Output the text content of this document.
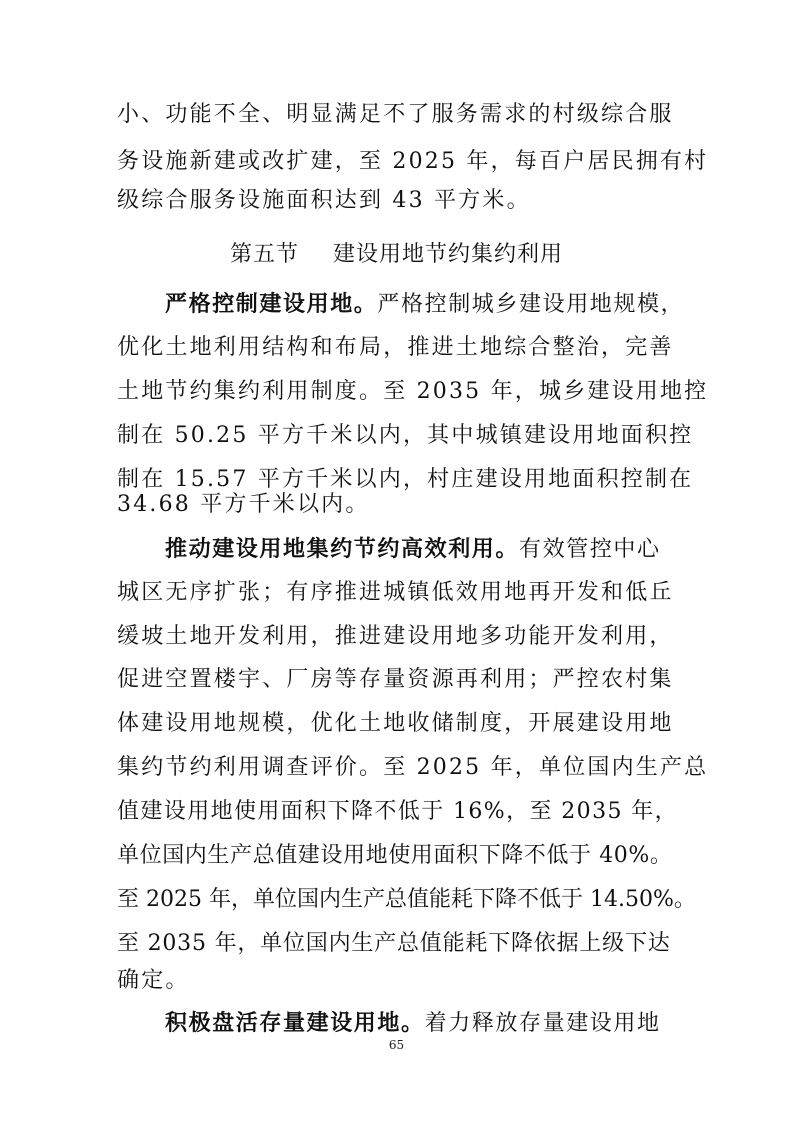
小、功能不全、明显满足不了服务需求的村级综合服
务设施新建或改扩建，至 2025 年，每百户居民拥有村
级综合服务设施面积达到 43 平方米。
第五节 建设用地节约集约利用
严格控制建设用地。严格控制城乡建设用地规模，
优化土地利用结构和布局，推进土地综合整治，完善
土地节约集约利用制度。至 2035 年，城乡建设用地控
制在 50.25 平方千米以内，其中城镇建设用地面积控
制在 15.57 平方千米以内，村庄建设用地面积控制在
34.68 平方千米以内。
推动建设用地集约节约高效利用。有效管控中心
城区无序扩张；有序推进城镇低效用地再开发和低丘
缓坡土地开发利用，推进建设用地多功能开发利用，
促进空置楼宇、厂房等存量资源再利用；严控农村集
体建设用地规模，优化土地收储制度，开展建设用地
集约节约利用调查评价。至 2025 年，单位国内生产总
值建设用地使用面积下降不低于 16%，至 2035 年，
单位国内生产总值建设用地使用面积下降不低于 40%。
至 2025 年，单位国内生产总值能耗下降不低于 14.50%。
至 2035 年，单位国内生产总值能耗下降依据上级下达
确定。
积极盘活存量建设用地。着力释放存量建设用地
65
